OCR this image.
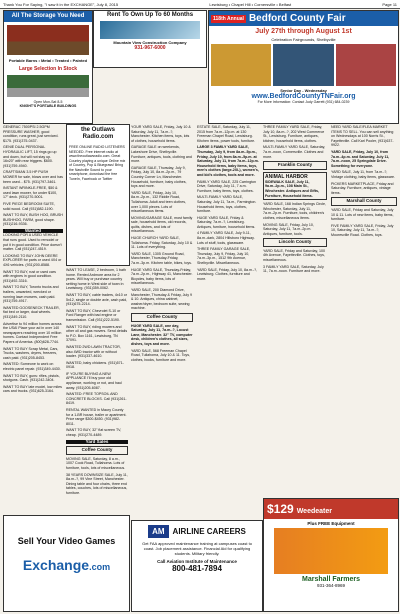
Thank You For Saying, "I saw it in the EXCHANGE", July 8, 2015	Lewisburg • Chapel Hill • Cornersville • Belfast	Page 11
All The Storage You Need
Portable Barns • Metal • Treated • Painted
Large Selection In Stock
Open Mon-Sat 8-5
KNIGHT'S PORTABLE BUILDINGS
Rent To Own Up To 60 Months
Mountain View Construction Company
931-967-6000
118th Annual Bedford County Fair
July 27th through August 1st
Celebration Fairgrounds, Shelbyville
Senior Day - Wednesday
www.BedfordCountyTNFair.org
For More Information: Contact Judy Garrett (931) 684-0239

GENERAC 7500PSI 2.5GPM PRESSURE WASHER, good condition, runs great, just serviced. $175. (931)375-0437.

GENIE DUAL PERSONAL HYDRAULIC LIFT, 15 rings go up and down, but will not stay up. 16x20" with rear triggers. $600. (931)759-4940.

CRAFTSMAN 3.5 HP PUSH MOWER for sale, blows over and has been used... $75. (931)797-3461.

INSTANT WRINKLE-FREE, $50 & used lawn mower, for under $100, 17" deck. (931)270-5001.

FIVE PIECE BEDROOM SUITE, solid wood. Call (931)582-1190.

WANT TO BUY, BUSH HOG, BRUSH BUSHHOG, FARM, good shape. (931)216-9336.

Wanted

LOOKING FOR A USED VEHICLE that runs good. Used to remodel or put it in good condition. Price doesn't matter. Call (931)247-4519.

LOOKING TO BUY JOHN DEERE EXPLORER for parts or used 4X4 or 4X6 vehicles. (931)200-8588.

WANT TO BUY, rust or used cars with engines in good condition. (931)492-3316.

WANT TO BUY, Toronto trucks and trailers, unwanted, wrecked or running lawn mowers, cash paid. (931)759-4917.

WANTED GOOSENECK TRAILER, flat bed or larger, dual wheels. (931)349-2110.

Advertise to 94 million homes across the USA! Place your ad in over 140 newspapers reaching over 10 million homes. Contact Independent Free Papers of America. (800)628-7744.

WANT TO BUY Scrap Metal, Cars, Trucks, washers, dryers, freezers, cash paid. (931)205-8453.

WANTED: Someone to work on electric panel repair. (931)349-4430.

WANT TO BUY, guns: rifles, pistols, shotguns. Cash. (931)242-3404.

WANT TO BUY late model, low miles cars and trucks. (931)625-3164.

the Outlaws Radio.com
FREE ONLINE RADIO LISTENERS NEEDED. Free internet radio at www.theoutlawsradio.com. Great Country playing a unique Online mix of Country, Pop & Bluegrass! Bring the Nashville Sound to your smartphone, download the free TuneIn, Facebook or Twitter

WANT TO LEASE, 2 bedroom, 1 bath home. Rented Ardmore area for 2 years. Will buy or purchase country setting home in West side of town in Lewisburg. (931)359-0062.

WANT TO BUY, cable traders, 4x10 or 5x12, single or double axle, cash paid, (931)675-2214.

WANT TO BUY, Chevrolet S-10 or Ford Ranger with bad engine or transmission. Call (931)222-5190.

WANT TO BUY, riding mowers and other oil and gas movers. Send details to P.O. Box 1161, Lewisburg, TN 37091.

WANTED 2WD LAWN TRACTOR, also 4WD tractor with or without loader. (931)337-4610.

WANTED, baby chickens. (931)571-0918.

IF YOU'RE BUYING A NEW APPLIANCE I'll buy your old appliance, working or not, and haul away. (931)205-6087.

WANTED: FREE TOPSOIL AND CONCRETE BLOCKS. Call (931)261-8419.

RENTAL WANTED in Maury County for a 1-BR house, trailer or apartment. Price range $300-$450. (931)982-8011.

WANT TO BUY, 32" flat screen TV, cheap. (931)270-4489.

Yard Sales
Coffee County

MOVING SALE, Saturday, 8 a.m., 1007 Cook Road, Tullahoma. Lots of furniture, tools, lots of miscellaneous.

38 YEARS DOWNSIZE SALE, July 11, 8a.m.-?, 99 Vine Street, Manchester. Dining table and four chairs, three end tables, couches, lots of miscellaneous, furniture.

YOUR YARD SALE, Friday, July 10 & Saturday, July 11, 7a.m.-?, Manchester. Kitchen items, toys, lots of clothes, household items.

GARAGE SALE on weekends, Lakeshore Drive, Shelbyville. Furniture, antiques, tools, clothing and more.

GARAGE SALE, Thursday, July 9, Friday, July 10, 8a.m.-2p.m., 79 Country Corner Ln, Manchester. Household, furniture, baby clothes, toys and more.

YARD SALE, Friday, July 10, 8a.m.-2p.m., 132 Riddle Road, Tullahoma. Adult and teen clothes, over 1,000 pieces. Lots of miscellaneous items.

MOVING/GARAGE SALE, most family sale, household items, old records, quilts, dishes, and lots of miscellaneous.

HUGE CHURCH YARD SALE, Tullahoma. Friday, Saturday, July 10 & 11. Lots of everything.

YARD SALE, 1305 Ground Road, Manchester, Thursday-Friday, 7a.m.-3p.m. Kitchen table, bikes, toys.

HUGE YARD SALE, Thursday-Friday, 7a.m.-2p.m., Highway 41, Manchester. Bicycles, baby items, lots of miscellaneous.

YARD SALE, 200 Diamond Drive, Manchester, Thursday & Friday, July 9 & 10. Antiques, china cabinet, washer/dryer, bedroom suite, sewing machine.

Coffee County

HUGE YARD SALE, one day, Saturday, July 11, 7a.m.-?, Locust Lane, Manchester. 32" TV, computer desk, children's clothes, all sizes, dishes, toys and more.

YARD SALE, 568 Freeman Chapel Road, Tullahoma, July 10 & 11. Toys, clothes, books, furniture and more.

ESTATE SALE, Saturday, July 11, 2015 from 7a.m.-12p.m. at 130 Freeman Chapel Road, Lewisburg. Kitchen items, power tools, furniture.

LARGE 3 FAMILY YARD SALE, Thursday, July 9, from 8a.m.-5p.m., Friday, July 10, from 8a.m.-5p.m. at Saturday, July 11, from 7a.m.-12p.m. Household items, baby items, toys, men's clothes (large-2XL), women's, and kid's clothes, tools and more.

FAMILY YARD SALE, 225 Carrington Drive, Saturday, July 11, 7 a.m. Furniture, baby items, toys, clothes.

MULTI-FAMILY YARD SALE, Saturday, July 11, 7a.m., Farmington. Household items, toys, clothes, furniture.

HUGE YARD SALE, Friday & Saturday, 7a.m.-?, Lewisburg. Antiques, furniture, household items.

4 FAMILY YARD SALE, July 9-11, 8a.m.-dark, 2804 Hillsboro Highway. Lots of stuff, tools, glassware.

THREE FAMILY GARAGE SALE, Thursday, July 9, Friday, July 10, 7a.m.-3p.m., 1512 9th Avenue, Shelbyville. Miscellaneous.

YARD SALE, Friday, July 10, 8a.m.-?, Lewisburg. Clothes, furniture and more.

THREE FAMILY YARD SALE, Friday, July 10, 8a.m.-?, 202 West Commerce St., Lewisburg. Furniture, antiques, kitchen, household items, clothes.

MULTI-FAMILY YARD SALE, Saturday, 7a.m.-noon, Cornersville. Clothes and more.

Franklin County
ANIMAL HARBOR
SIDEWALK SALE, July 11, 9a.m.-2p.m., 108 Main St., Winchester. Antiques and Gifts, Furniture, Household items.

YARD SALE, 168 Indian Springs Circle, Winchester, Saturday, July 11, 7a.m.-2p.m. Furniture, tools, children's clothes, miscellaneous items.

MOVING SALE, Friday, July 10, Saturday, July 11, 7a.m.-2p.m. Antiques, furniture, tools.

Lincoln County

YARD SALE, Friday and Saturday, 100 4th Avenue, Fayetteville. Clothes, toys, miscellaneous.

3 FAMILY YARD SALE, Saturday, July 11, 7a.m.-noon. Furniture and more.

NEED YARD SALE/FLEA MARKET ITEMS TO SELL. You can sell anything on Wednesdays at 100 Norris St., Fayetteville. Call Karl Pooler, (931)637-9922.

YARD SALE, Friday, July 10, from 7a.m.-4p.m. and Saturday, July 11, 7a.m.-noon, 25 Springdale Drive. Something for everyone.

YARD SALE, July 11, from 7a.m.-?, Vintage clothing, baby items, glassware.

PICKERS MARKETPLACE, Friday and Saturday. Furniture, antiques, vintage items.

Marshall County

YARD SALE, Friday and Saturday, July 10 & 11. Lots of new items, baby items, furniture.

FIVE FAMILY YARD SALE, Friday, July 10, Saturday, July 11, 7a.m.-?, Mooresville Road. Clothes, toys.

AM	AIRLINE CAREERS
Get FAA approved maintenance training at campuses coast to coast. Job placement assistance. Financial Aid for qualifying students. Military friendly.
Call Aviation Institute of Maintenance
800-481-7894
$129 Weedeater
Plus FREE Equipment
Marshall Farmers
931-364-8969
Sell Your Video Games
Exchange.com
